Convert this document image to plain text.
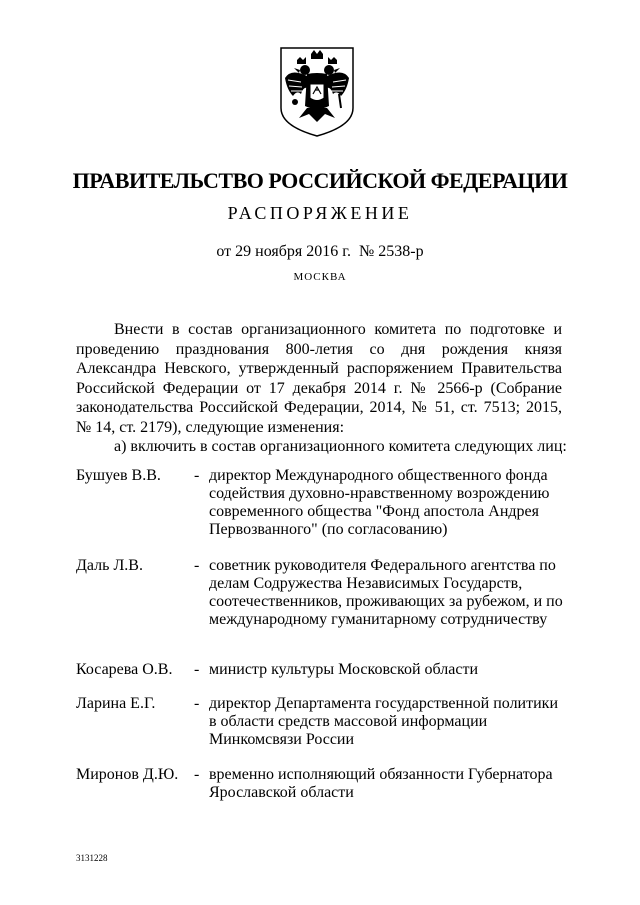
ПРАВИТЕЛЬСТВО РОССИЙСКОЙ ФЕДЕРАЦИИ
РАСПОРЯЖЕНИЕ
от 29 ноября 2016 г.  № 2538-р
МОСКВА

Внести в состав организационного комитета по подготовке и проведению празднования 800-летия со дня рождения князя Александра Невского, утвержденный распоряжением Правительства Российской Федерации от 17 декабря 2014 г. № 2566-р (Собрание законодательства Российской Федерации, 2014, № 51, ст. 7513; 2015, № 14, ст. 2179), следующие изменения:

а) включить в состав организационного комитета следующих лиц:
Бушуев В.В. - директор Международного общественного фонда содействия духовно-нравственному возрождению современного общества "Фонд апостола Андрея Первозванного" (по согласованию)
Даль Л.В.	- советник руководителя Федерального агентства по делам Содружества Независимых Государств, соотечественников, проживающих за рубежом, и по международному гуманитарному сотрудничеству
Косарева О.В. - министр культуры Московской области
Ларина Е.Г. - директор Департамента государственной политики в области средств массовой информации Минкомсвязи России
Миронов Д.Ю. - временно исполняющий обязанности Губернатора Ярославской области
3131228
